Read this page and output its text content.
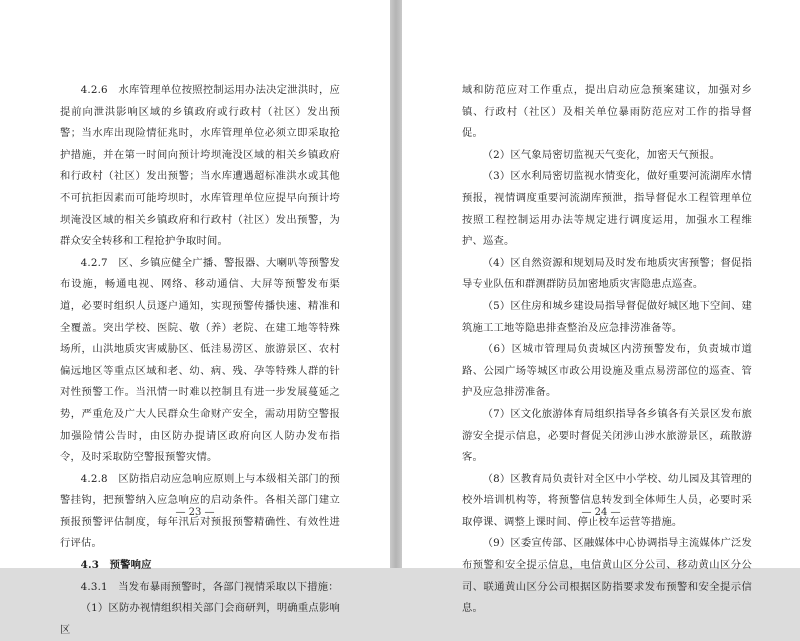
4.2.6　水库管理单位按照控制运用办法决定泄洪时，应提前向泄洪影响区域的乡镇政府或行政村（社区）发出预警；当水库出现险情征兆时，水库管理单位必须立即采取抢护措施，并在第一时间向预计垮坝淹没区域的相关乡镇政府和行政村（社区）发出预警；当水库遭遇超标准洪水或其他不可抗拒因素而可能垮坝时，水库管理单位应提早向预计垮坝淹没区域的相关乡镇政府和行政村（社区）发出预警，为群众安全转移和工程抢护争取时间。

4.2.7　区、乡镇应健全广播、警报器、大喇叭等预警发布设施，畅通电视、网络、移动通信、大屏等预警发布渠道，必要时组织人员逐户通知，实现预警传播快速、精准和全覆盖。突出学校、医院、敬（养）老院、在建工地等特殊场所，山洪地质灾害威胁区、低洼易涝区、旅游景区、农村偏远地区等重点区域和老、幼、病、残、孕等特殊人群的针对性预警工作。当汛情一时难以控制且有进一步发展蔓延之势，严重危及广大人民群众生命财产安全，需动用防空警报加强险情公告时，由区防办提请区政府向区人防办发布指令，及时采取防空警报预警灾情。

4.2.8　区防指启动应急响应原则上与本级相关部门的预警挂钩，把预警纳入应急响应的启动条件。各相关部门建立预报预警评估制度，每年汛后对预报预警精确性、有效性进行评估。

4.3　预警响应

4.3.1　当发布暴雨预警时，各部门视情采取以下措施：

（1）区防办视情组织相关部门会商研判，明确重点影响区

— 23 —

域和防范应对工作重点，提出启动应急预案建议，加强对乡镇、行政村（社区）及相关单位暴雨防范应对工作的指导督促。

（2）区气象局密切监视天气变化，加密天气预报。

（3）区水利局密切监视水情变化，做好重要河流湖库水情预报，视情调度重要河流湖库预泄，指导督促水工程管理单位按照工程控制运用办法等规定进行调度运用，加强水工程维护、巡查。

（4）区自然资源和规划局及时发布地质灾害预警；督促指导专业队伍和群测群防员加密地质灾害隐患点巡查。

（5）区住房和城乡建设局指导督促做好城区地下空间、建筑施工工地等隐患排查整治及应急排涝准备等。

（6）区城市管理局负责城区内涝预警发布，负责城市道路、公园广场等城区市政公用设施及重点易涝部位的巡查、管护及应急排涝准备。

（7）区文化旅游体育局组织指导各乡镇各有关景区发布旅游安全提示信息，必要时督促关闭涉山涉水旅游景区，疏散游客。

（8）区教育局负责针对全区中小学校、幼儿园及其管理的校外培训机构等，将预警信息转发到全体师生人员，必要时采取停课、调整上课时间、停止校车运营等措施。

（9）区委宣传部、区融媒体中心协调指导主流媒体广泛发布预警和安全提示信息，电信黄山区分公司、移动黄山区分公司、联通黄山区分公司根据区防指要求发布预警和安全提示信息。

— 24 —
